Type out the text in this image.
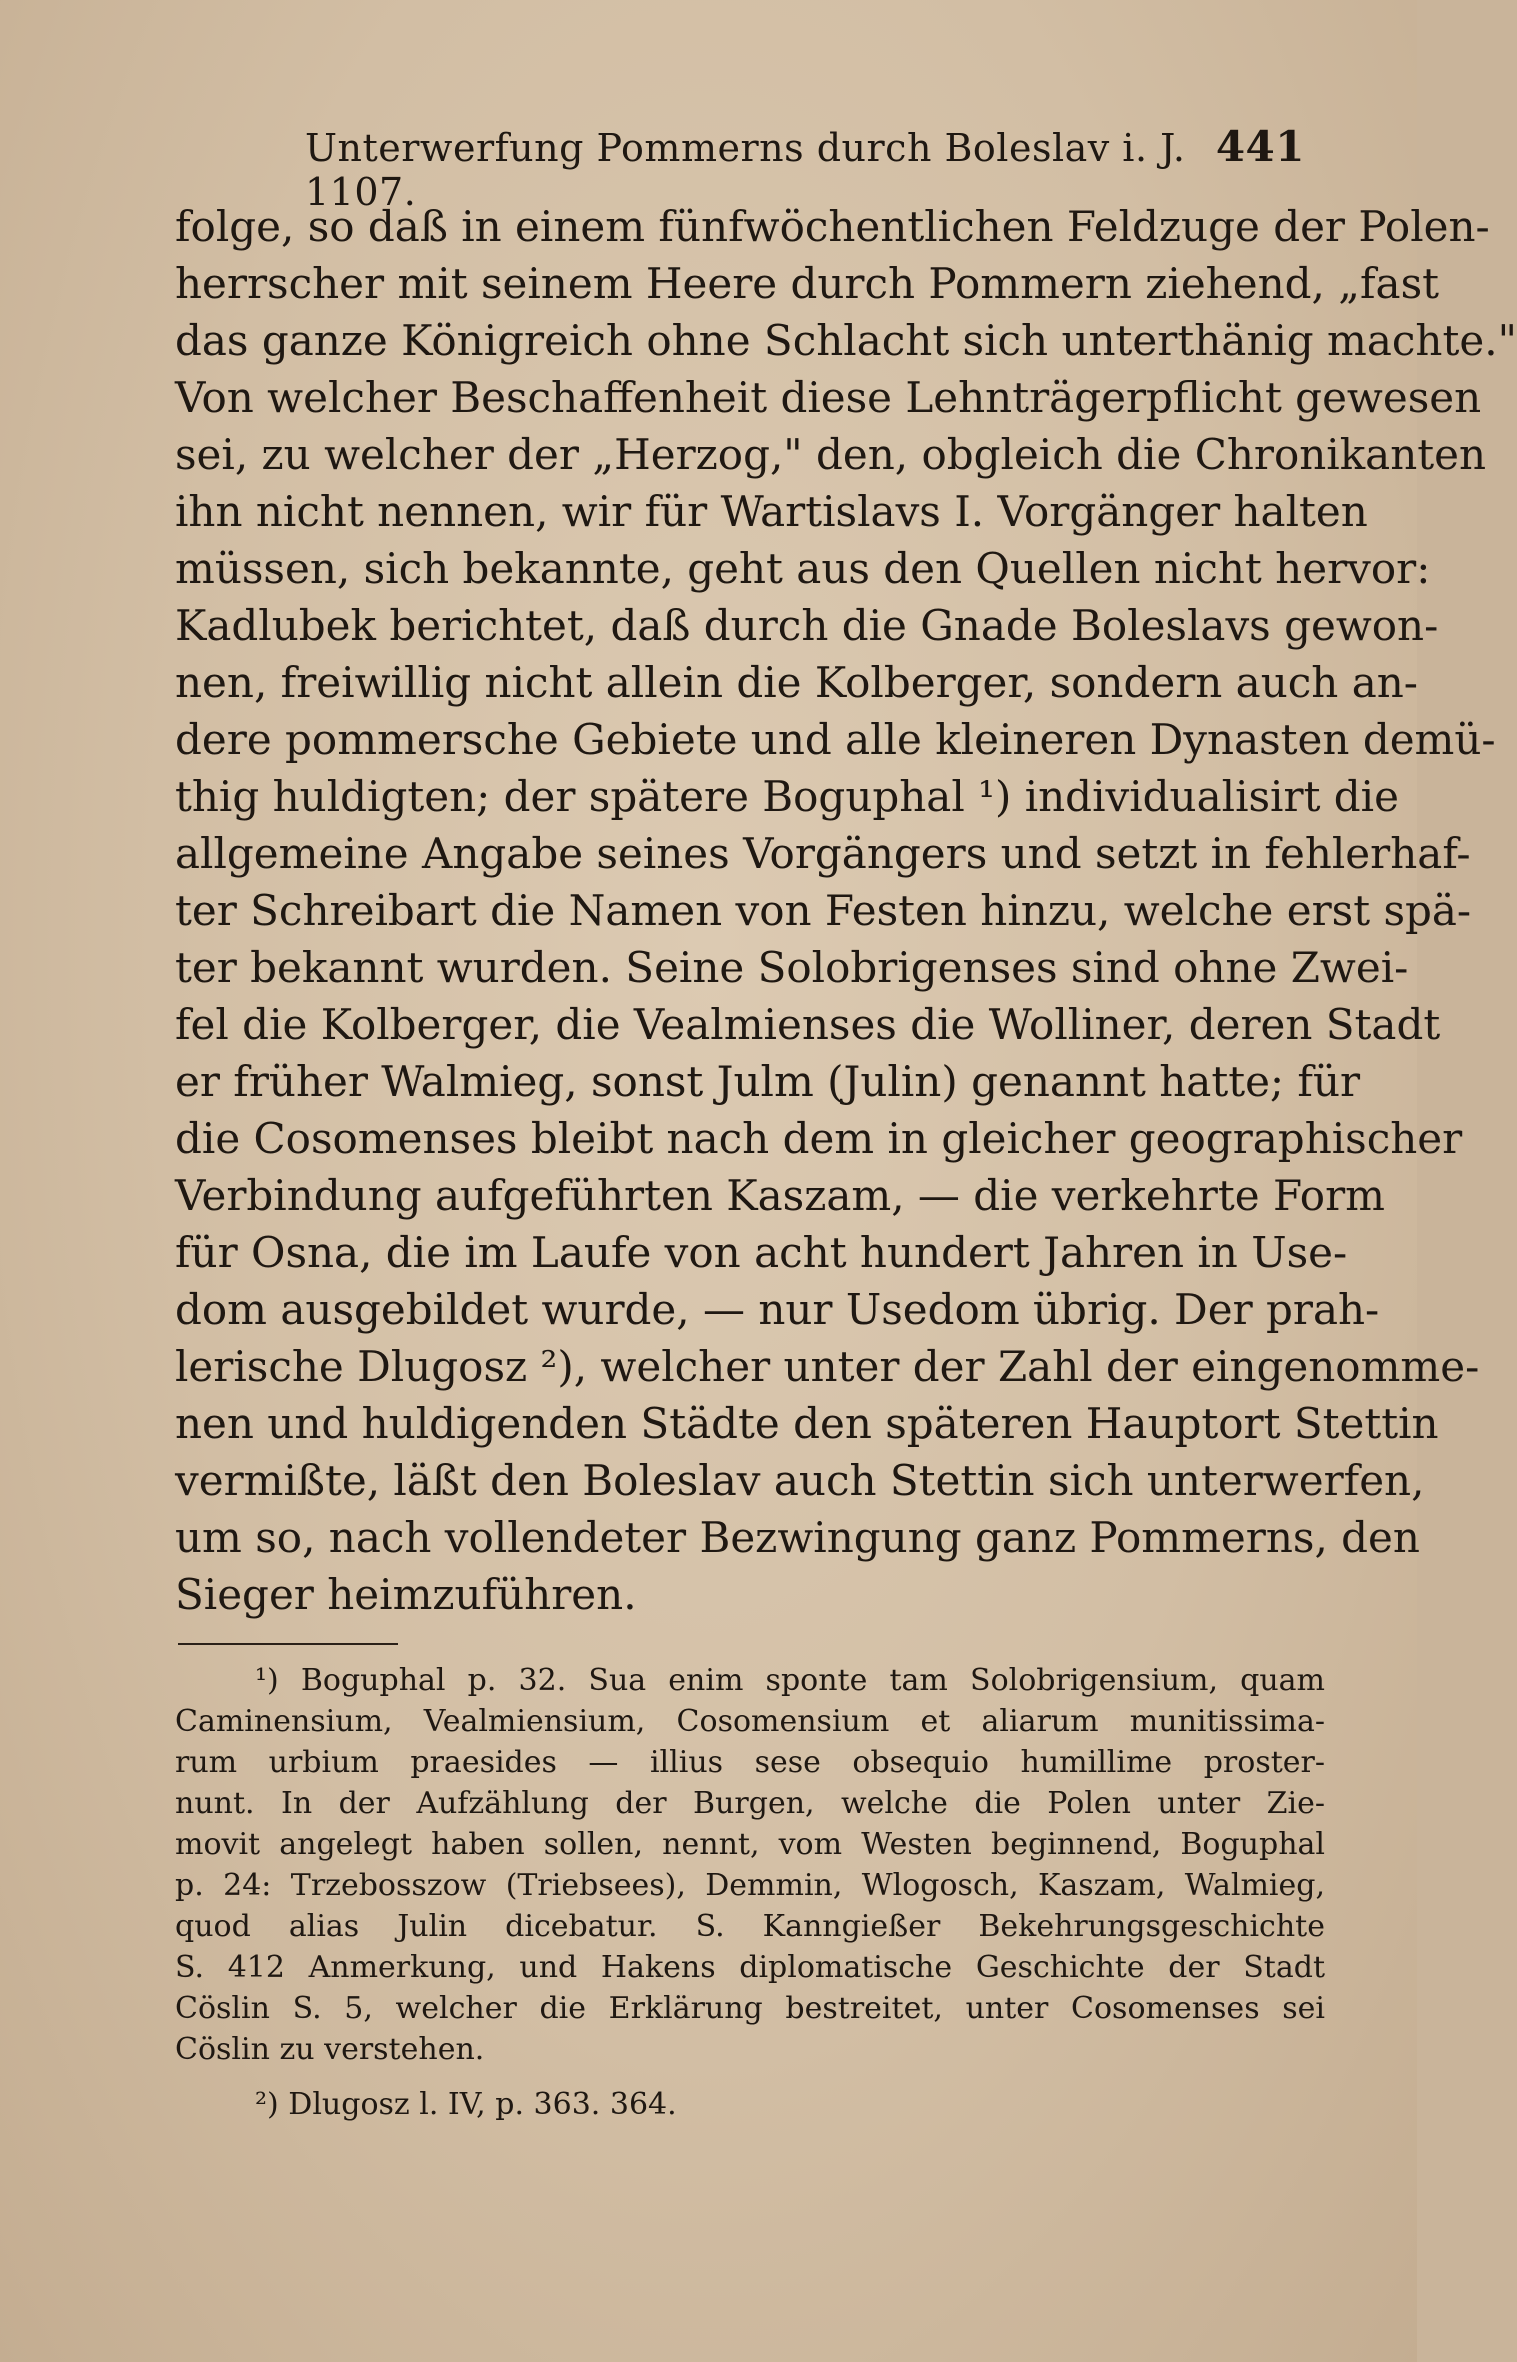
Unterwerfung Pommerns durch Boleslav i. J. 1107.
441
folge, so daß in einem fünfwöchentlichen Feldzuge der Polen-
herrscher mit seinem Heere durch Pommern ziehend, „fast
das ganze Königreich ohne Schlacht sich unterthänig machte."
Von welcher Beschaffenheit diese Lehnträgerpflicht gewesen
sei, zu welcher der „Herzog," den, obgleich die Chronikanten
ihn nicht nennen, wir für Wartislavs I. Vorgänger halten
müssen, sich bekannte, geht aus den Quellen nicht hervor:
Kadlubek berichtet, daß durch die Gnade Boleslavs gewon-
nen, freiwillig nicht allein die Kolberger, sondern auch an-
dere pommersche Gebiete und alle kleineren Dynasten demü-
thig huldigten; der spätere Boguphal ¹) individualisirt die
allgemeine Angabe seines Vorgängers und setzt in fehlerhaf-
ter Schreibart die Namen von Festen hinzu, welche erst spä-
ter bekannt wurden. Seine Solobrigenses sind ohne Zwei-
fel die Kolberger, die Vealmienses die Wolliner, deren Stadt
er früher Walmieg, sonst Julm (Julin) genannt hatte; für
die Cosomenses bleibt nach dem in gleicher geographischer
Verbindung aufgeführten Kaszam, — die verkehrte Form
für Osna, die im Laufe von acht hundert Jahren in Use-
dom ausgebildet wurde, — nur Usedom übrig. Der prah-
lerische Dlugosz ²), welcher unter der Zahl der eingenomme-
nen und huldigenden Städte den späteren Hauptort Stettin
vermißte, läßt den Boleslav auch Stettin sich unterwerfen,
um so, nach vollendeter Bezwingung ganz Pommerns, den
Sieger heimzuführen.
¹) Boguphal p. 32. Sua enim sponte tam Solobrigensium, quam
Caminensium, Vealmiensium, Cosomensium et aliarum munitissima-
rum urbium praesides — illius sese obsequio humillime proster-
nunt. In der Aufzählung der Burgen, welche die Polen unter Zie-
movit angelegt haben sollen, nennt, vom Westen beginnend, Boguphal
p. 24: Trzebosszow (Triebsees), Demmin, Wlogosch, Kaszam, Walmieg,
quod alias Julin dicebatur. S. Kanngießer Bekehrungsgeschichte
S. 412 Anmerkung, und Hakens diplomatische Geschichte der Stadt
Cöslin S. 5, welcher die Erklärung bestreitet, unter Cosomenses sei
Cöslin zu verstehen.
²) Dlugosz l. IV, p. 363. 364.
